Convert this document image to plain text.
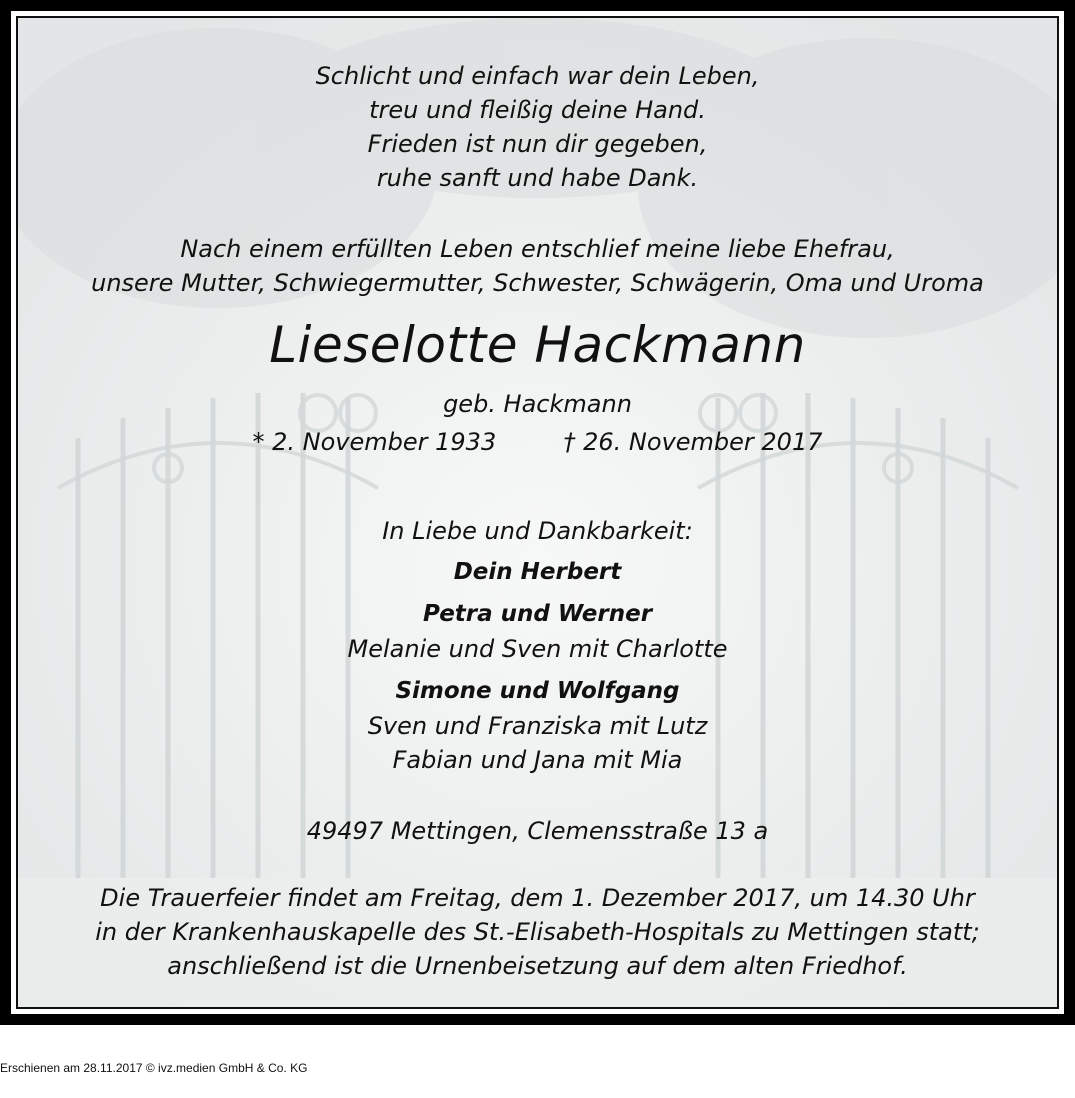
Schlicht und einfach war dein Leben,
treu und fleißig deine Hand.
Frieden ist nun dir gegeben,
ruhe sanft und habe Dank.
Nach einem erfüllten Leben entschlief meine liebe Ehefrau,
unsere Mutter, Schwiegermutter, Schwester, Schwägerin, Oma und Uroma
Lieselotte Hackmann
geb. Hackmann
* 2. November 1933	† 26. November 2017
In Liebe und Dankbarkeit:
Dein Herbert
Petra und Werner
Melanie und Sven mit Charlotte
Simone und Wolfgang
Sven und Franziska mit Lutz
Fabian und Jana mit Mia
49497 Mettingen, Clemensstraße 13 a
Die Trauerfeier findet am Freitag, dem 1. Dezember 2017, um 14.30 Uhr
in der Krankenhauskapelle des St.-Elisabeth-Hospitals zu Mettingen statt;
anschließend ist die Urnenbeisetzung auf dem alten Friedhof.
Erschienen am 28.11.2017 © ivz.medien GmbH & Co. KG
